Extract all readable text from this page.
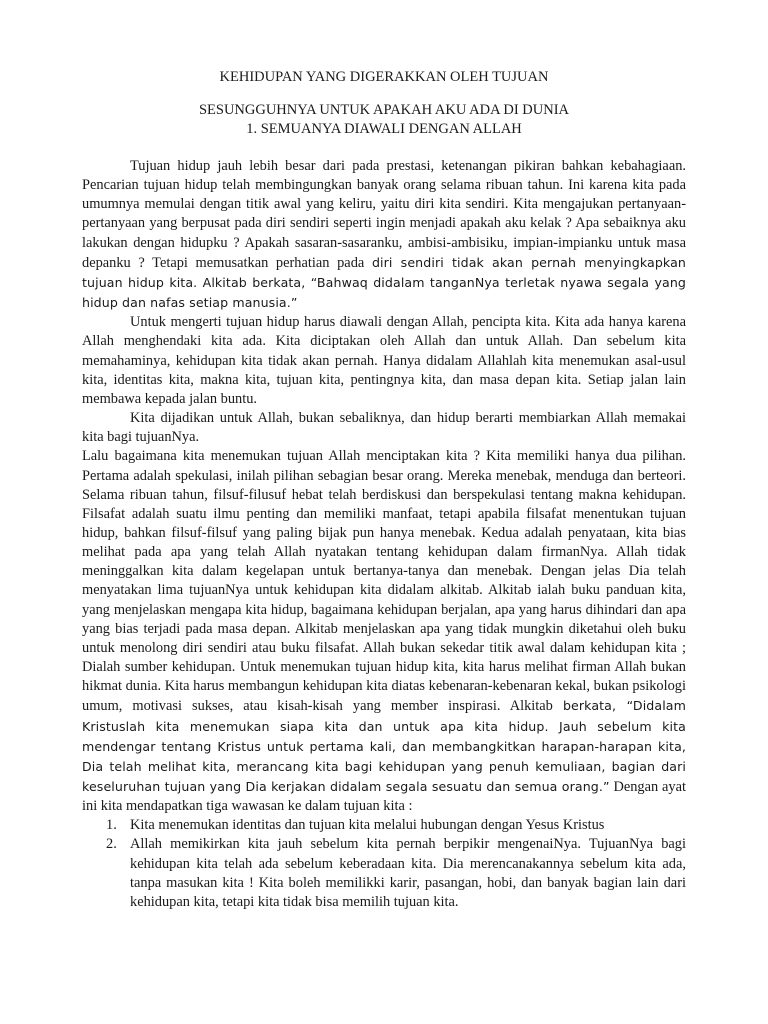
KEHIDUPAN YANG DIGERAKKAN OLEH TUJUAN
SESUNGGUHNYA UNTUK APAKAH AKU ADA DI DUNIA
1. SEMUANYA DIAWALI DENGAN ALLAH

Tujuan hidup jauh lebih besar dari pada prestasi, ketenangan pikiran bahkan kebahagiaan. Pencarian tujuan hidup telah membingungkan banyak orang selama ribuan tahun. Ini karena kita pada umumnya memulai dengan titik awal yang keliru, yaitu diri kita sendiri. Kita mengajukan pertanyaan-pertanyaan yang berpusat pada diri sendiri seperti ingin menjadi apakah aku kelak ? Apa sebaiknya aku lakukan dengan hidupku ? Apakah sasaran-sasaranku, ambisi-ambisiku, impian-impianku untuk masa depanku ? Tetapi memusatkan perhatian pada diri sendiri tidak akan pernah menyingkapkan tujuan hidup kita. Alkitab berkata, “Bahwaq didalam tanganNya terletak nyawa segala yang hidup dan nafas setiap manusia.”

Untuk mengerti tujuan hidup harus diawali dengan Allah, pencipta kita. Kita ada hanya karena Allah menghendaki kita ada. Kita diciptakan oleh Allah dan untuk Allah. Dan sebelum kita memahaminya, kehidupan kita tidak akan pernah. Hanya didalam Allahlah kita menemukan asal-usul kita, identitas kita, makna kita, tujuan kita, pentingnya kita, dan masa depan kita. Setiap jalan lain membawa kepada jalan buntu.

Kita dijadikan untuk Allah, bukan sebaliknya, dan hidup berarti membiarkan Allah memakai kita bagi tujuanNya.

Lalu bagaimana kita menemukan tujuan Allah menciptakan kita ? Kita memiliki hanya dua pilihan. Pertama adalah spekulasi, inilah pilihan sebagian besar orang. Mereka menebak, menduga dan berteori. Selama ribuan tahun, filsuf-filusuf hebat telah berdiskusi dan berspekulasi tentang makna kehidupan. Filsafat adalah suatu ilmu penting dan memiliki manfaat, tetapi apabila filsafat menentukan tujuan hidup, bahkan filsuf-filsuf yang paling bijak pun hanya menebak. Kedua adalah penyataan, kita bias melihat pada apa yang telah Allah nyatakan tentang kehidupan dalam firmanNya. Allah tidak meninggalkan kita dalam kegelapan untuk bertanya-tanya dan menebak. Dengan jelas Dia telah menyatakan lima tujuanNya untuk kehidupan kita didalam alkitab. Alkitab ialah buku panduan kita, yang menjelaskan mengapa kita hidup, bagaimana kehidupan berjalan, apa yang harus dihindari dan apa yang bias terjadi pada masa depan. Alkitab menjelaskan apa yang tidak mungkin diketahui oleh buku untuk menolong diri sendiri atau buku filsafat. Allah bukan sekedar titik awal dalam kehidupan kita ; Dialah sumber kehidupan. Untuk menemukan tujuan hidup kita, kita harus melihat firman Allah bukan hikmat dunia. Kita harus membangun kehidupan kita diatas kebenaran-kebenaran kekal, bukan psikologi umum, motivasi sukses, atau kisah-kisah yang member inspirasi. Alkitab berkata, “Didalam Kristuslah kita menemukan siapa kita dan untuk apa kita hidup. Jauh sebelum kita mendengar tentang Kristus untuk pertama kali, dan membangkitkan harapan-harapan kita, Dia telah melihat kita, merancang kita bagi kehidupan yang penuh kemuliaan, bagian dari keseluruhan tujuan yang Dia kerjakan didalam segala sesuatu dan semua orang.” Dengan ayat ini kita mendapatkan tiga wawasan ke dalam tujuan kita :

1. Kita menemukan identitas dan tujuan kita melalui hubungan dengan Yesus Kristus
2. Allah memikirkan kita jauh sebelum kita pernah berpikir mengenaiNya. TujuanNya bagi kehidupan kita telah ada sebelum keberadaan kita. Dia merencanakannya sebelum kita ada, tanpa masukan kita ! Kita boleh memilikki karir, pasangan, hobi, dan banyak bagian lain dari kehidupan kita, tetapi kita tidak bisa memilih tujuan kita.
